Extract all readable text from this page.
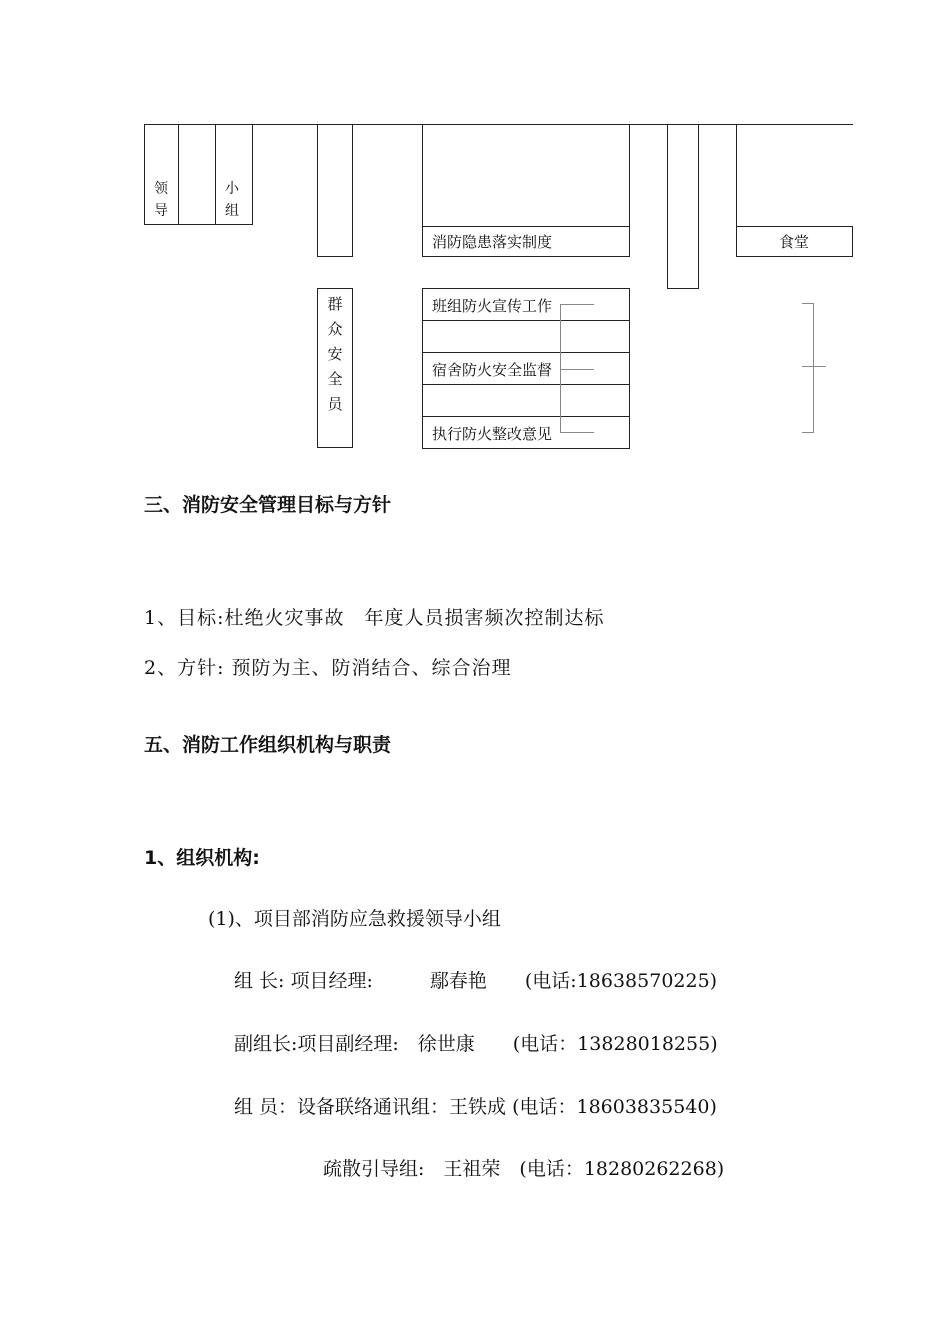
领导
小组
消防隐患落实制度	食堂
群众安全员
班组防火宣传工作
宿舍防火安全监督
执行防火整改意见
三、消防安全管理目标与方针
1、目标:杜绝火灾事故　年度人员损害频次控制达标
2、方针: 预防为主、防消结合、综合治理
五、消防工作组织机构与职责
1、组织机构:
(1)、项目部消防应急救援领导小组
组 长: 项目经理:　　　鄢春艳　　(电话:18638570225)
副组长:项目副经理:　徐世康　　(电话：13828018255)
组 员：设备联络通讯组：王铁成 (电话：18603835540)
疏散引导组:　王祖荣　(电话：18280262268)
